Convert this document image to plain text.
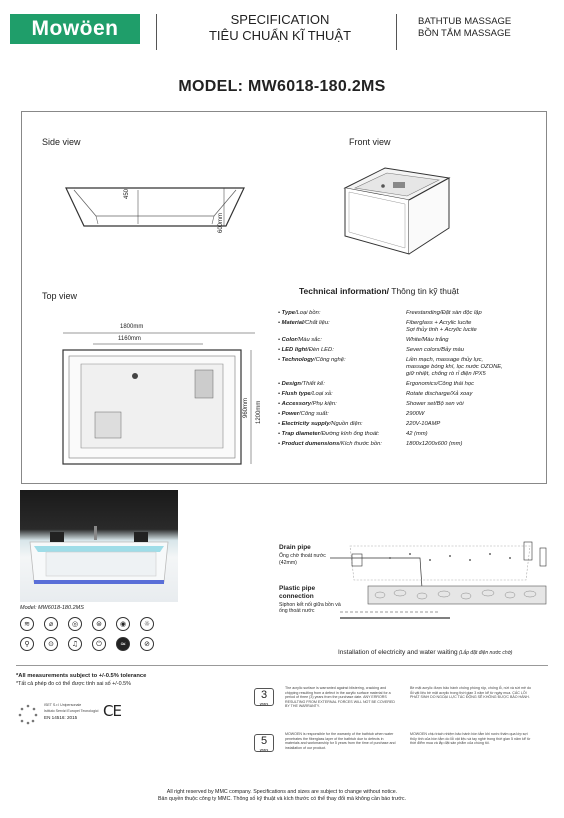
Mowöen	SPECIFICATION
TIÊU CHUẨN KĨ THUẬT
BATHTUB MASSAGE
BỒN TẮM MASSAGE
MODEL: MW6018-180.2MS
Side view	Front view
Top view
450
600mm
1800mm
1160mm
960mm 1200mm
Technical information/ Thông tin kỹ thuật
• Type/Loại bồn:	Freestanding/Đặt sàn độc lập
• Material/Chất liệu:	Fiberglass + Acrylic lucite
Sợi thủy tinh + Acrylic lucite
• Color/Màu sắc:	White/Màu trắng
• LED light/Đèn LED:	Seven colors/Bảy màu
• Technology/Công nghệ:	Liền mạch, massage thủy lực,
massage bóng khí, lọc nước OZONE,
giữ nhiệt, chống rò rỉ điện IPX5
• Design/Thiết kế:	Ergonomics/Công thái học
• Flush type/Loại xả:	Rotate discharge/Xả xoay
• Accessory/Phụ kiện:	Shower set/Bộ sen vòi
• Power/Công suất:	2900W
• Electricity supply/Nguồn điện:	220V-10AMP
• Trap diameter/Đường kính ống thoát:	42 (mm)
• Product dumensions/Kích thước bồn:	1800x1200x600 (mm)
Model: MW6018-180.2MS
≋	⌀	◎	⊜	◉	☼
⚲	⊙	♫	⏻	≈	⊘
Drain pipe
Ống chờ thoát nước
(42mm)
Plastic pipe
connection
Siphon kết nối giữa bồn và
ống thoát nước
Installation of electricity and water waiting (Lắp đặt điện nước chờ)
*All measurements subject to +/-0.5% tolerance
*Tất cả phép đo có thể được tính sai số +/-0.5%
ISET S.r.l Unipersonale
Istituto Servizi Europei Tecnologici
EN 14516: 2015 CE
3
years
The acrylic surface is warranted against blistering, cracking and chipping resulting from a defect in the acrylic surface material for a period of three (3) years from the purchase date. ANY ERRORS RESULTING FROM EXTERNAL FORCES WILL NOT BE COVERED BY THE WARRANTY.
Bề mặt acrylic được bảo hành chống phồng rộp, chống lỗ, nứt và sứt mẻ do lỗi vật liệu bề mặt acrylic trong thời gian 3 năm kể từ ngày mua. CÁC LỖI PHÁT SINH DO NGOẠI LỰC TÁC ĐỘNG SẼ KHÔNG ĐƯỢC BẢO HÀNH.
5
years
MOWOEN is responsible for the warranty of the bathtub when water penetrates the fiberglass layer of the bathtub due to defects in materials and workmanship for 5 years from the time of purchase and installation of our product.
MOWOEN chịu trách nhiệm bảo hành bồn tắm khi nước thấm qua lớp sợi thủy tinh của bồn tắm do lỗi vật liệu và tay nghề trong thời gian 5 năm kể từ thời điểm mua và lắp đặt sản phẩm của chúng tôi.
All right reserved by MMC company. Specifications and sizes are subject to change without notice.
Bản quyền thuộc công ty MMC. Thông số kỹ thuật và kích thước có thể thay đổi mà không cần báo trước.
